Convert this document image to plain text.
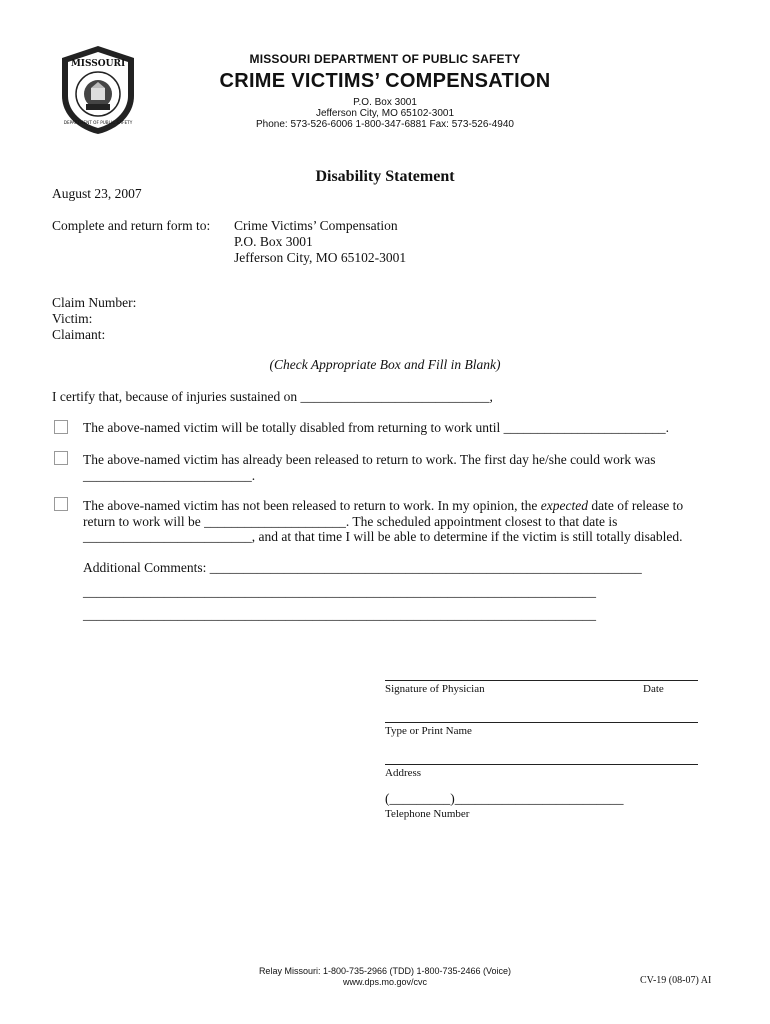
MISSOURI
DEPARTMENT OF PUBLIC SAFETY
MISSOURI DEPARTMENT OF PUBLIC SAFETY
CRIME VICTIMS’ COMPENSATION
P.O. Box 3001
Jefferson City, MO 65102-3001
Phone: 573-526-6006 1-800-347-6881 Fax: 573-526-4940
Disability Statement
August 23, 2007
Complete and return form to: Crime Victims’ Compensation
P.O. Box 3001
Jefferson City, MO 65102-3001
Claim Number:
Victim:
Claimant:
(Check Appropriate Box and Fill in Blank)
I certify that, because of injuries sustained on ____________________________,
The above-named victim will be totally disabled from returning to work until ________________________.
The above-named victim has already been released to return to work. The first day he/she could work was
_________________________.
The above-named victim has not been released to return to work. In my opinion, the expected date of release to
return to work will be _____________________. The scheduled appointment closest to that date is
_________________________, and at that time I will be able to determine if the victim is still totally disabled.
Additional Comments: ________________________________________________________________
____________________________________________________________________________
____________________________________________________________________________
Signature of Physician	Date
Type or Print Name
Address
(_________)_________________________
Telephone Number
Relay Missouri: 1-800-735-2966 (TDD) 1-800-735-2466 (Voice)
www.dps.mo.gov/cvc	CV-19 (08-07) AI
